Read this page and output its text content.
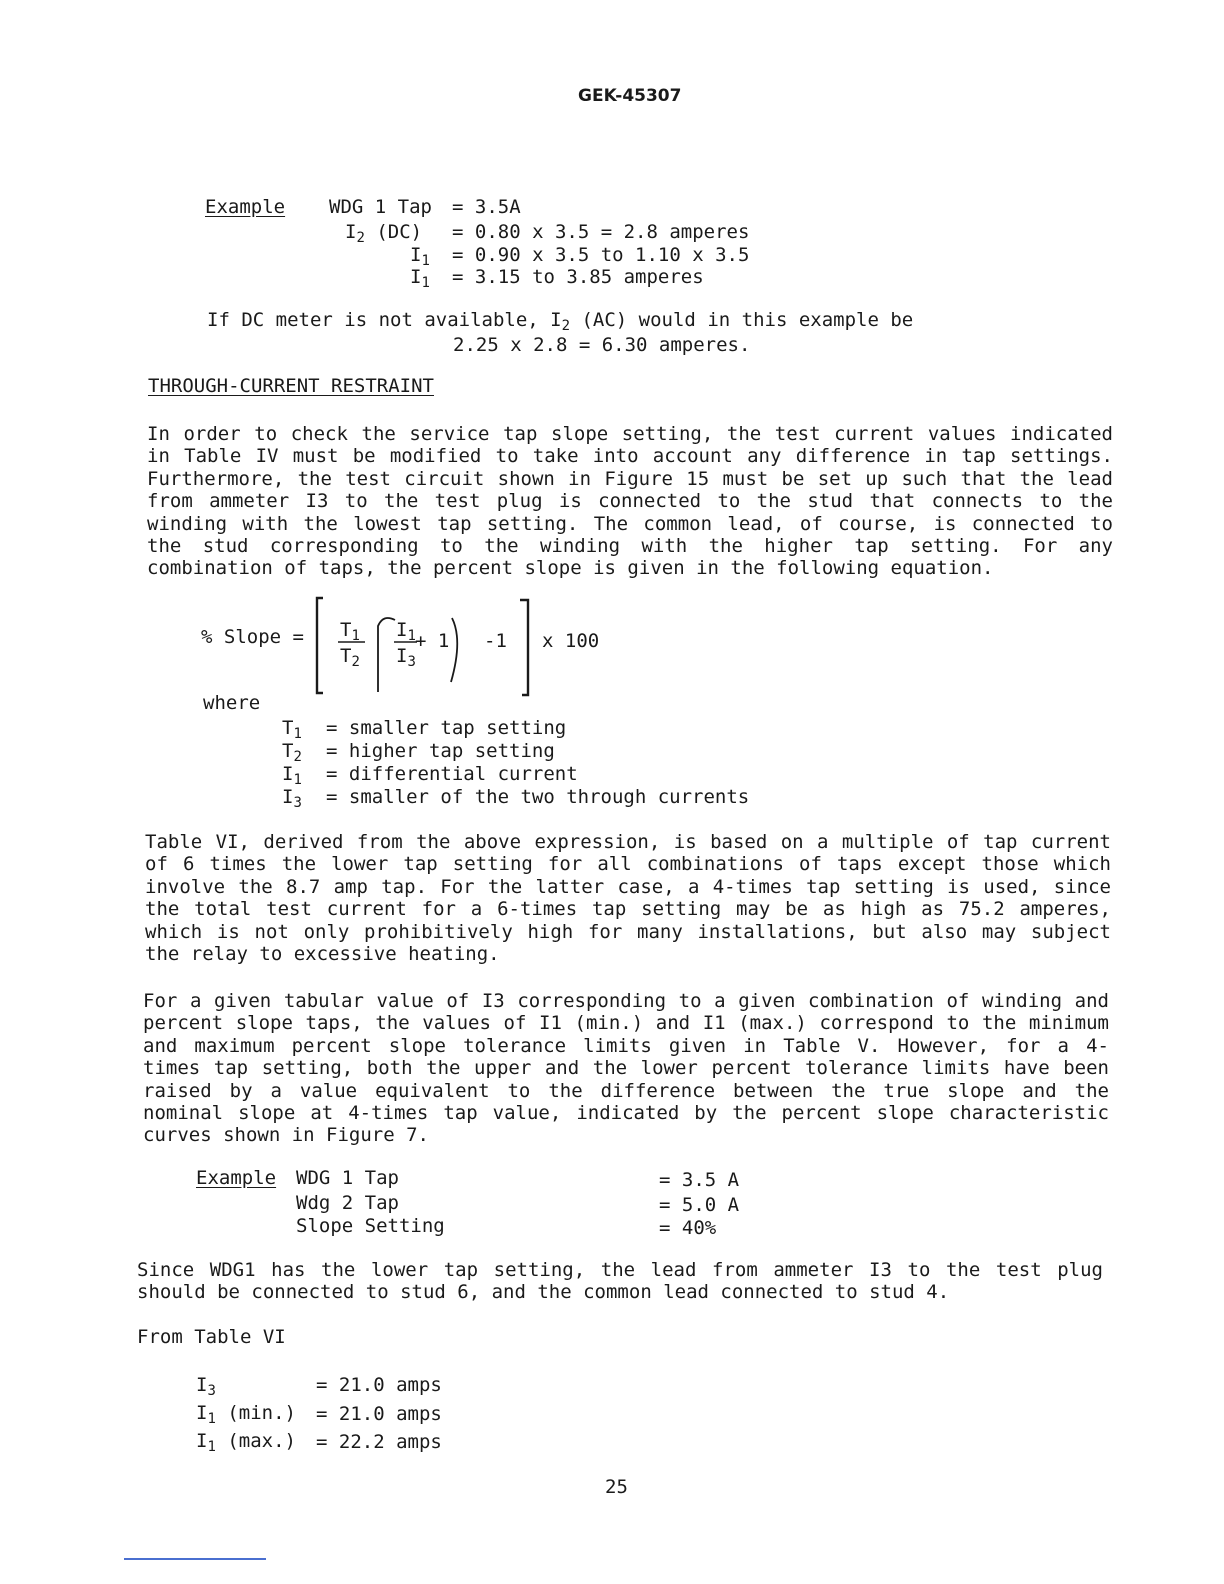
GEK-45307
Example WDG 1 Tap = 3.5A
$I_2$ (DC) = 0.80 x 3.5 = 2.8 amperes
$I_1 = 0.90$ x 3.5 to 1.10 x 3.5
$I_1 = 3.15$ to 3.85 amperes
If DC meter is not available, $I_2$ (AC) would in this example be
2.25 x 2.8 = 6.30 amperes.
THROUGH-CURRENT RESTRAINT
In order to check the service tap slope setting, the test current values indicated
in Table IV must be modified to take into account any difference in tap settings.
Furthermore, the test circuit shown in Figure 15 must be set up such that the lead
from ammeter I3 to the test plug is connected to the stud that connects to the
winding with the lowest tap setting. The common lead, of course, is connected to
the stud corresponding to the winding with the higher tap setting. For any
combination of taps, the percent slope is given in the following equation.
% Slope = $T_1$
$T_2$
$I_1$
$I_3$
+ 1 -1 x 100
where
$T_1$ = smaller tap setting
$T_2$ = higher tap setting
$I_1$ = differential current
$I_3$ = smaller of the two through currents
Table VI, derived from the above expression, is based on a multiple of tap current
of 6 times the lower tap setting for all combinations of taps except those which
involve the 8.7 amp tap. For the latter case, a 4-times tap setting is used, since
the total test current for a 6-times tap setting may be as high as 75.2 amperes,
which is not only prohibitively high for many installations, but also may subject
the relay to excessive heating.
For a given tabular value of I3 corresponding to a given combination of winding and
percent slope taps, the values of I1 (min.) and I1 (max.) correspond to the minimum
and maximum percent slope tolerance limits given in Table V. However, for a 4-
times tap setting, both the upper and the lower percent tolerance limits have been
raised by a value equivalent to the difference between the true slope and the
nominal slope at 4-times tap value, indicated by the percent slope characteristic
curves shown in Figure 7.
Example WDG 1 Tap	= 3.5 A
Wdg 2 Tap	= 5.0 A
Slope Setting	= 40%
Since WDG1 has the lower tap setting, the lead from ammeter I3 to the test plug
should be connected to stud 6, and the common lead connected to stud 4.
From Table VI
$I_3$	= 21.0 amps
$I_1$ (min.) = 21.0 amps
$I_1$ (max.) = 22.2 amps
25
